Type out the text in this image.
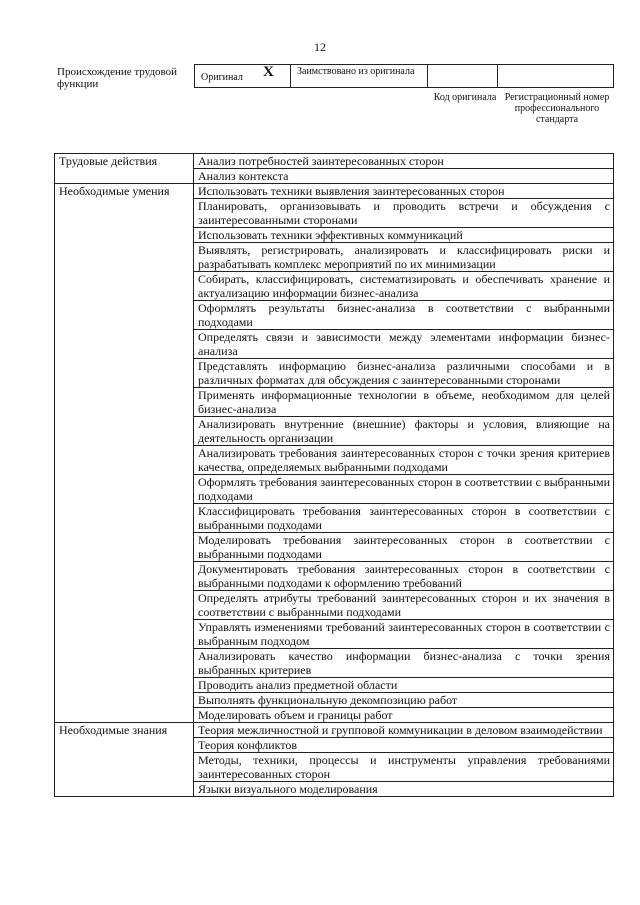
12
Происхождение трудовой функции
Оригинал X	Заимствовано из оригинала
Код оригинала Регистрационный номер профессионального стандарта
Трудовые действия	Анализ потребностей заинтересованных сторон
	Анализ контекста
Необходимые умения	Использовать техники выявления заинтересованных сторон
	Планировать, организовывать и проводить встречи и обсуждения с заинтересованными сторонами
	Использовать техники эффективных коммуникаций
	Выявлять, регистрировать, анализировать и классифицировать риски и разрабатывать комплекс мероприятий по их минимизации
	Собирать, классифицировать, систематизировать и обеспечивать хранение и актуализацию информации бизнес-анализа
	Оформлять результаты бизнес-анализа в соответствии с выбранными подходами
	Определять связи и зависимости между элементами информации бизнес-анализа
	Представлять информацию бизнес-анализа различными способами и в различных форматах для обсуждения с заинтересованными сторонами
	Применять информационные технологии в объеме, необходимом для целей бизнес-анализа
	Анализировать внутренние (внешние) факторы и условия, влияющие на деятельность организации
	Анализировать требования заинтересованных сторон с точки зрения критериев качества, определяемых выбранными подходами
	Оформлять требования заинтересованных сторон в соответствии с выбранными подходами
	Классифицировать требования заинтересованных сторон в соответствии с выбранными подходами
	Моделировать требования заинтересованных сторон в соответствии с выбранными подходами
	Документировать требования заинтересованных сторон в соответствии с выбранными подходами к оформлению требований
	Определять атрибуты требований заинтересованных сторон и их значения в соответствии с выбранными подходами
	Управлять изменениями требований заинтересованных сторон в соответствии с выбранным подходом
	Анализировать качество информации бизнес-анализа с точки зрения выбранных критериев
	Проводить анализ предметной области
	Выполнять функциональную декомпозицию работ
	Моделировать объем и границы работ
Необходимые знания	Теория межличностной и групповой коммуникации в деловом взаимодействии
	Теория конфликтов
	Методы, техники, процессы и инструменты управления требованиями заинтересованных сторон
	Языки визуального моделирования
